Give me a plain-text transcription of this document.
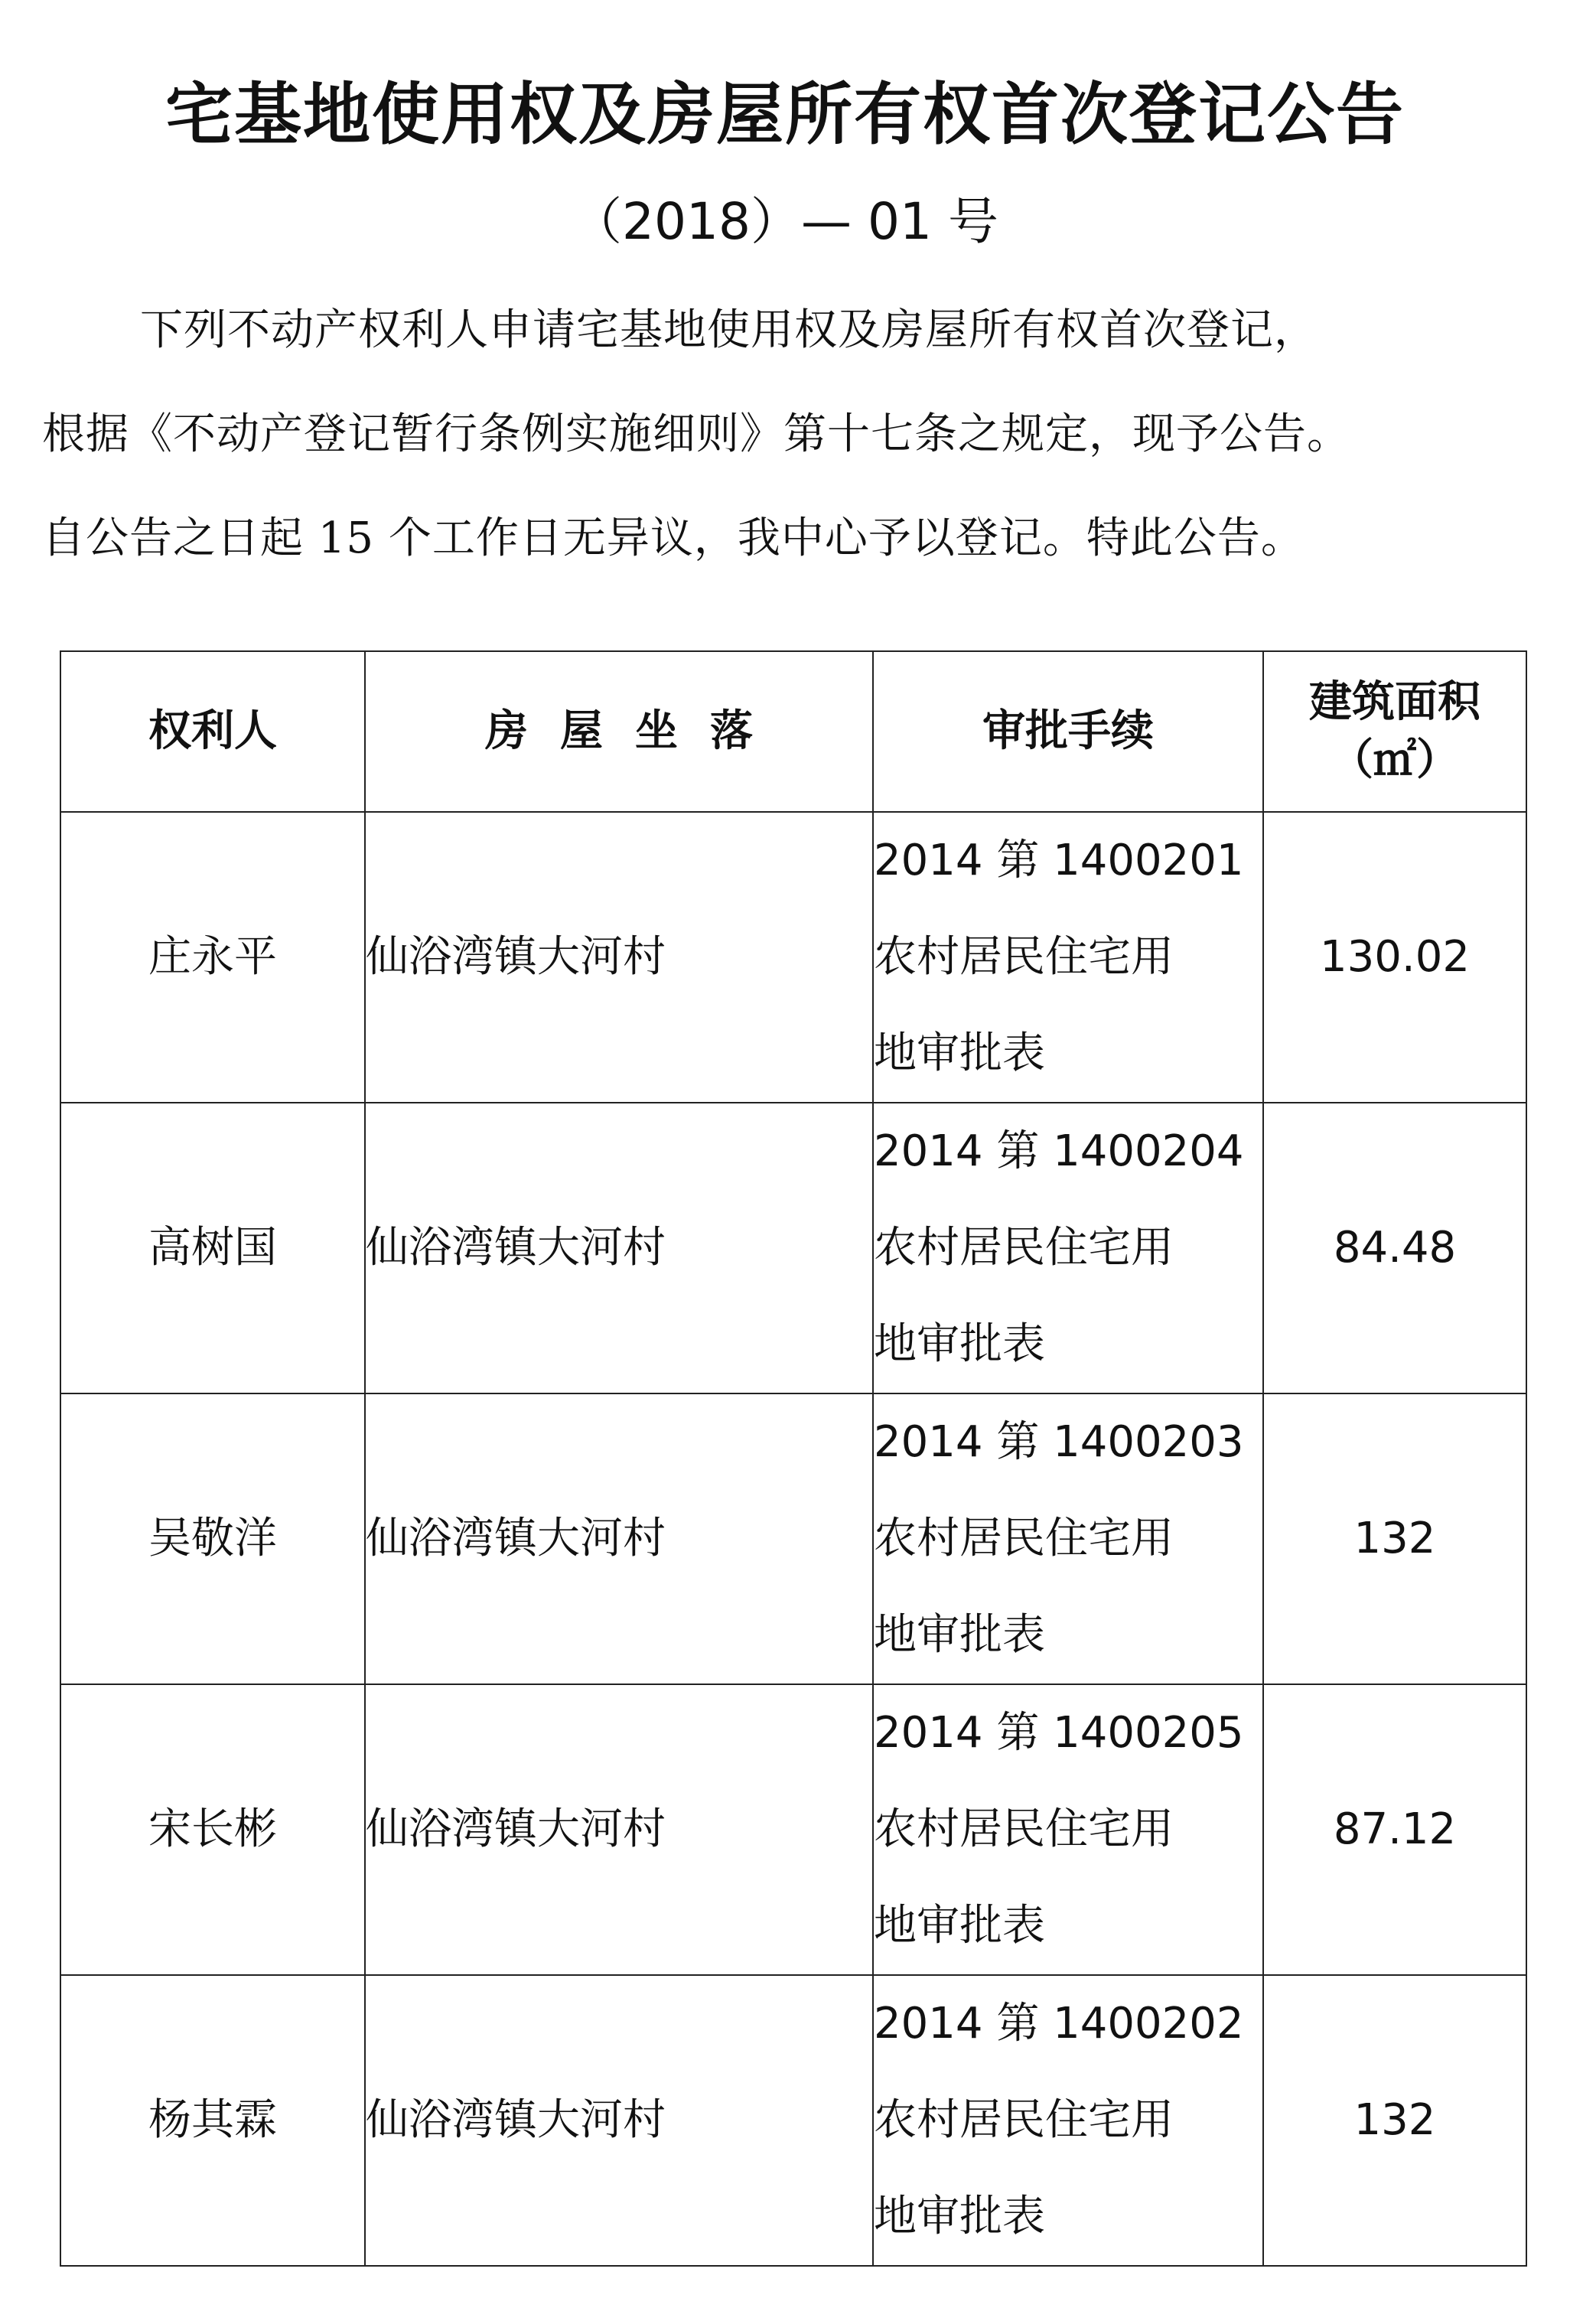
宅基地使用权及房屋所有权首次登记公告
（2018）— 01 号
下列不动产权利人申请宅基地使用权及房屋所有权首次登记，
根据《不动产登记暂行条例实施细则》第十七条之规定，现予公告。
自公告之日起 15 个工作日无异议，我中心予以登记。特此公告。
权利人	房屋坐落	审批手续	建筑面积
（㎡）

庄永平	仙浴湾镇大河村	2014 第 1400201
农村居民住宅用
地审批表	130.02
高树国	仙浴湾镇大河村	2014 第 1400204
农村居民住宅用
地审批表	84.48
吴敬洋	仙浴湾镇大河村	2014 第 1400203
农村居民住宅用
地审批表	132
宋长彬	仙浴湾镇大河村	2014 第 1400205
农村居民住宅用
地审批表	87.12
杨其霖	仙浴湾镇大河村	2014 第 1400202
农村居民住宅用
地审批表	132
